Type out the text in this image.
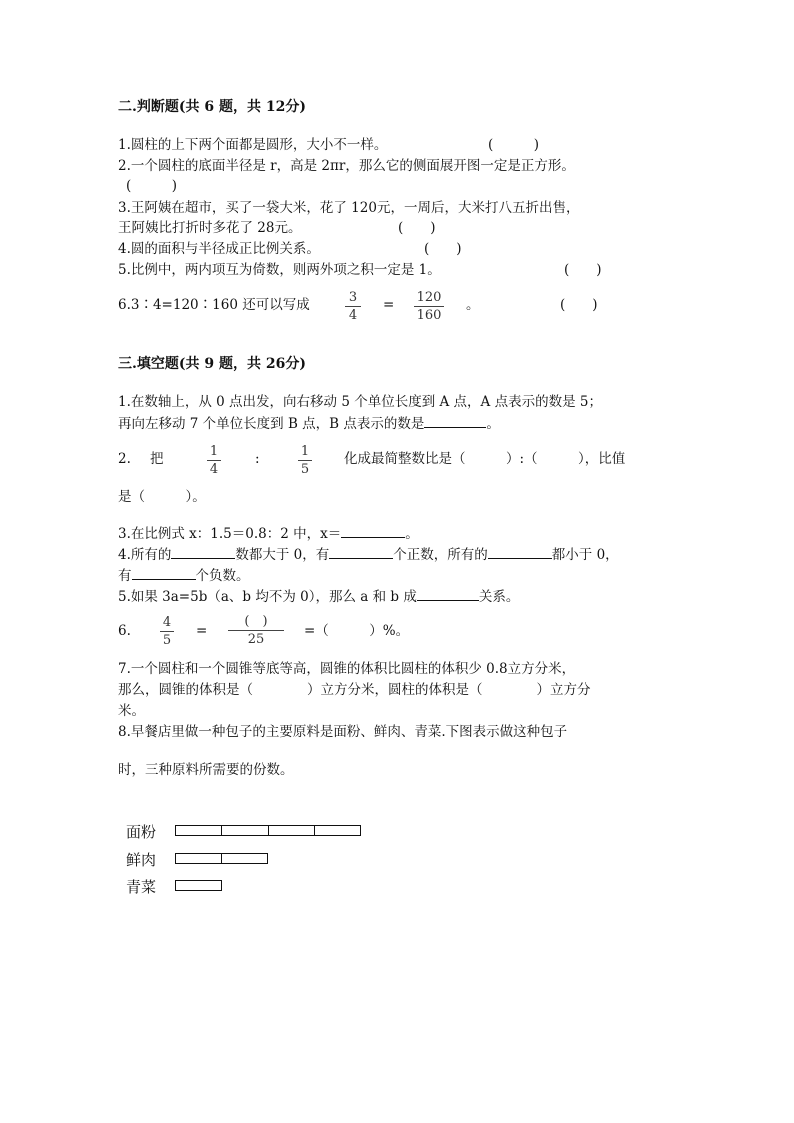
二.判断题(共 6 题，共 12分)
1.圆柱的上下两个面都是圆形，大小不一样。	(　　　)
2.一个圆柱的底面半径是 r，高是 2πr，那么它的侧面展开图一定是正方形。
(　　　)
3.王阿姨在超市，买了一袋大米，花了 120元，一周后，大米打八五折出售，
王阿姨比打折时多花了 28元。	(　　)
4.圆的面积与半径成正比例关系。	(　　)
5.比例中，两内项互为倚数，则两外项之积一定是 1。	(　　)
6.3∶4=120∶160 还可以写成	3
4
= 120
160
。	(　　)
三.填空题(共 9 题，共 26分)
1.在数轴上，从 0 点出发，向右移动 5 个单位长度到 A 点，A 点表示的数是 5；
再向左移动 7 个单位长度到 B 点，B 点表示的数是	。
2. 把	1
4
:	1
5
化成最简整数比是（　　　）:（　　　），比值
是（　　　）。
3.在比例式 x：1.5＝0.8：2 中，x＝	。
4.所有的	数都大于 0，有	个正数，所有的	都小于 0，
有	个负数。
5.如果 3a=5b（a、b 均不为 0），那么 a 和 b 成	关系。
6.
4
5
=
(　)
25
=（　　　）%。
7.一个圆柱和一个圆锥等底等高，圆锥的体积比圆柱的体积少 0.8立方分米，
那么，圆锥的体积是（　　　　）立方分米，圆柱的体积是（　　　　）立方分
米。
8.早餐店里做一种包子的主要原料是面粉、鲜肉、青菜.下图表示做这种包子
时，三种原料所需要的份数。
面粉
鲜肉
青菜
